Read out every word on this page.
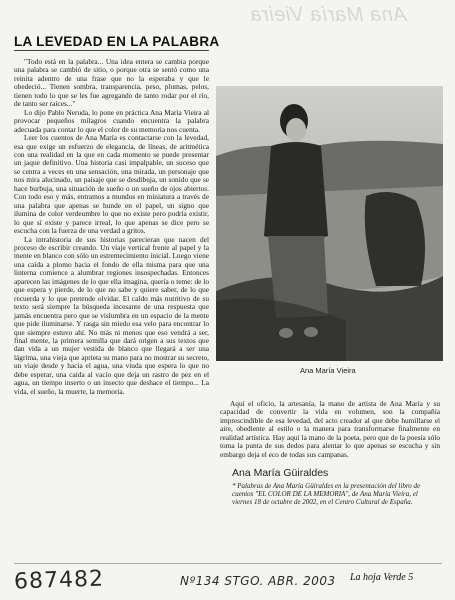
Ana María Vieira
LA LEVEDAD EN LA PALABRA

"Todo está en la palabra... Una idea entera se cambia porque una palabra se cambió de sitio, o porque otra se sentó como una reinita adentro de una frase que no la esperaba y que le obedeció... Tienen sombra, transparencia, peso, plumas, pelos, tienen todo lo que se les fue agregando de tanto rodar por el río, de tanto ser raíces..."

Lo dijo Pablo Neruda, lo pone en práctica Ana María Vieira al provocar pequeños milagros cuando encuentra la palabra adecuada para contar lo que el color de su memoria nos cuenta.

Leer los cuentos de Ana María es contactarse con la levedad, esa que exige un esfuerzo de elegancia, de líneas, de aritmética con una realidad en la que en cada momento se puede presentar un jaque definitivo. Una historia casi impalpable, un suceso que se centra a veces en una sensación, una mirada, un personaje que nos mira alucinado, un paisaje que se desdibuja, un sonido que se hace burbuja, una situación de sueño o un sueño de ojos abiertos. Con todo eso y más, entramos a mundos en miniatura a través de una palabra que apenas se hunde en el papel, un signo que ilumina de color verdeumbre lo que no existe pero podría existir, lo que sí existe y parece irreal, lo que apenas se dice pero se escucha con la fuerza de una verdad a gritos.

La intrahistoria de sus historias parecieran que nacen del proceso de escribir creando. Un viaje vertical frente al papel y la mente en blanco con sólo un estremecimiento inicial. Luego viene una caída a plomo hacia el fondo de ella misma para que una linterna comience a alumbrar regiones insospechadas. Entonces aparecen las imágenes de lo que ella imagina, quería o teme: de lo que espera y pierde, de lo que no sabe y quiere saber, de lo que recuerda y lo que pretende olvidar. El caldo más nutritivo de su texto será siempre la búsqueda incesante de una respuesta que jamás encuentra pero que se vislumbra en un espacio de la mente que pide iluminarse. Y rasga sin miedo esa velo para encontrar lo que siempre estuvo ahí. No más ni menos que eso vendrá a ser, final mente, la primera semilla que dará origen a sus textos que dan vida a un mujer vestida de blanco que llegará a ser una lágrima, una vieja que aprieta su mano para no mostrar su secreto, un viaje desde y hacia el agua, una viuda que espera lo que no debe esperar, una caída al vacío que deja un rastro de pez en el agua, un tiempo inserto o un insecto que deshace el tiempo... La vida, el sueño, la muerte, la memoria.

Ana María Vieira

Aquí el oficio, la artesanía, la mano de artista de Ana María y su capacidad de convertir la vida en volumen, son la compañía imprescindible de esa levedad, del acto creador al que debe humillarse el aire, obediente al estilo o la manera para transformarse finalmente en realidad artística. Hay aquí la mano de la poeta, pero que de la poesía sólo toma la punta de sus dedos para alentar lo que apenas se escucha y sin embargo deja el eco de todas sus campanas.

Ana María Güiraldes
* Palabras de Ana María Güiraldes en la presentación del libro de cuentos "EL COLOR DE LA MEMORIA", de Ana María Vieira, el viernes 18 de octubre de 2002, en el Centro Cultural de España.
687482	Nº134 STGO. ABR. 2003 La hoja Verde 5
